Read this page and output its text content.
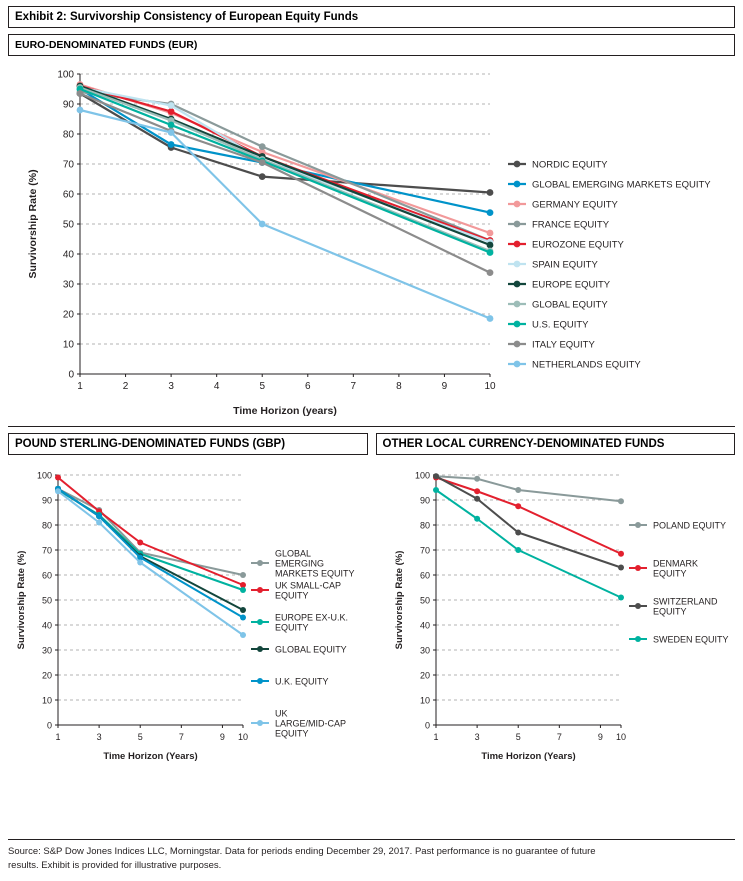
Exhibit 2: Survivorship Consistency of European Equity Funds
EURO-DENOMINATED FUNDS (EUR)
0
10
20
30
40
50
60
70
80
90
100
1	2	3	4	5	6	7	8	9	10
Time Horizon (years)
Survivorship Rate (%)
NORDIC EQUITY
GLOBAL EMERGING MARKETS EQUITY
GERMANY EQUITY
FRANCE EQUITY
EUROZONE EQUITY
SPAIN EQUITY
EUROPE EQUITY
GLOBAL EQUITY
U.S. EQUITY
ITALY EQUITY
NETHERLANDS EQUITY
POUND STERLING-DENOMINATED FUNDS (GBP)	OTHER LOCAL CURRENCY-DENOMINATED FUNDS
0
10
20
30
40
50
60
70
80
90
100
1	3	5	7	9 10
Time Horizon (Years)
Survivorship Rate (%)	GLOBAL
EMERGING
MARKETS EQUITY
UK SMALL-CAP
EQUITY
EUROPE EX-U.K.
EQUITY
GLOBAL EQUITY
U.K. EQUITY
UK
LARGE/MID-CAP
EQUITY
0
10
20
30
40
50
60
70
80
90
100
1	3	5	7	9 10
Time Horizon (Years)
Survivorship Rate (%)
POLAND EQUITY
DENMARK
EQUITY
SWITZERLAND
EQUITY
SWEDEN EQUITY
Source: S&P Dow Jones Indices LLC, Morningstar. Data for periods ending December 29, 2017. Past performance is no guarantee of future
results. Exhibit is provided for illustrative purposes.
